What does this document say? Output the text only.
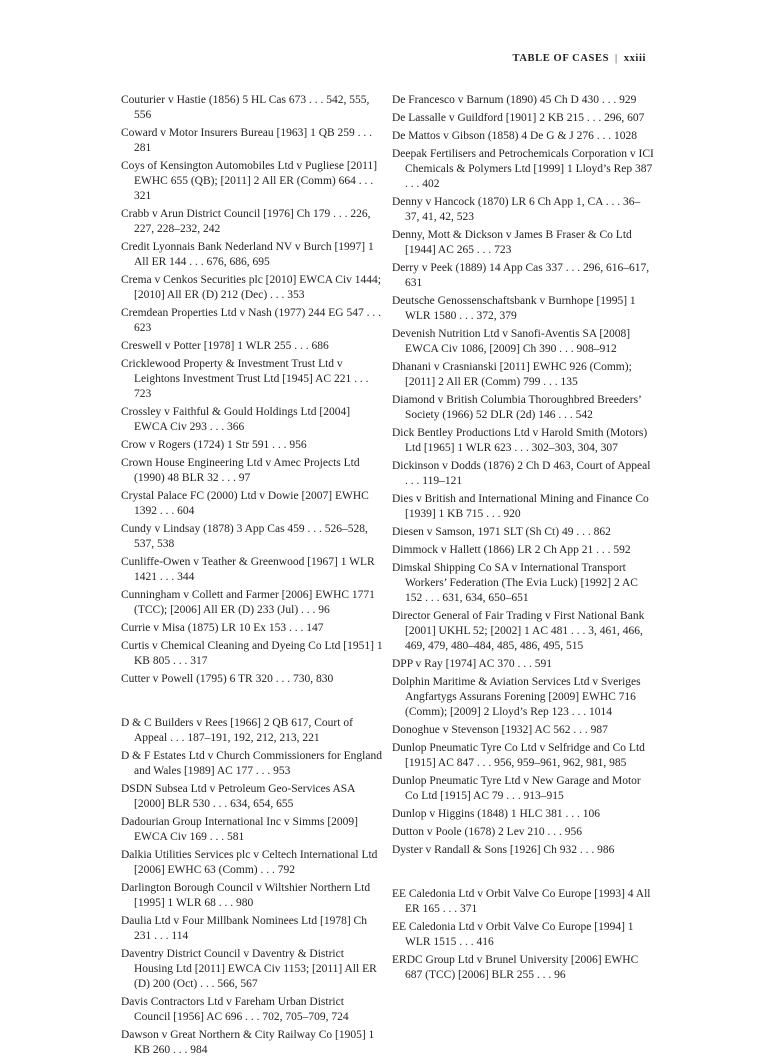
TABLE OF CASES | xxiii
Couturier v Hastie (1856) 5 HL Cas 673 . . . 542, 555, 556
Coward v Motor Insurers Bureau [1963] 1 QB 259 . . . 281
Coys of Kensington Automobiles Ltd v Pugliese [2011] EWHC 655 (QB); [2011] 2 All ER (Comm) 664 . . . 321
Crabb v Arun District Council [1976] Ch 179 . . . 226, 227, 228–232, 242
Credit Lyonnais Bank Nederland NV v Burch [1997] 1 All ER 144 . . . 676, 686, 695
Crema v Cenkos Securities plc [2010] EWCA Civ 1444; [2010] All ER (D) 212 (Dec) . . . 353
Cremdean Properties Ltd v Nash (1977) 244 EG 547 . . . 623
Creswell v Potter [1978] 1 WLR 255 . . . 686
Cricklewood Property & Investment Trust Ltd v Leightons Investment Trust Ltd [1945] AC 221 . . . 723
Crossley v Faithful & Gould Holdings Ltd [2004] EWCA Civ 293 . . . 366
Crow v Rogers (1724) 1 Str 591 . . . 956
Crown House Engineering Ltd v Amec Projects Ltd (1990) 48 BLR 32 . . . 97
Crystal Palace FC (2000) Ltd v Dowie [2007] EWHC 1392 . . . 604
Cundy v Lindsay (1878) 3 App Cas 459 . . . 526–528, 537, 538
Cunliffe-Owen v Teather & Greenwood [1967] 1 WLR 1421 . . . 344
Cunningham v Collett and Farmer [2006] EWHC 1771 (TCC); [2006] All ER (D) 233 (Jul) . . . 96
Currie v Misa (1875) LR 10 Ex 153 . . . 147
Curtis v Chemical Cleaning and Dyeing Co Ltd [1951] 1 KB 805 . . . 317
Cutter v Powell (1795) 6 TR 320 . . . 730, 830
D & C Builders v Rees [1966] 2 QB 617, Court of Appeal . . . 187–191, 192, 212, 213, 221
D & F Estates Ltd v Church Commissioners for England and Wales [1989] AC 177 . . . 953
DSDN Subsea Ltd v Petroleum Geo-Services ASA [2000] BLR 530 . . . 634, 654, 655
Dadourian Group International Inc v Simms [2009] EWCA Civ 169 . . . 581
Dalkia Utilities Services plc v Celtech International Ltd [2006] EWHC 63 (Comm) . . . 792
Darlington Borough Council v Wiltshier Northern Ltd [1995] 1 WLR 68 . . . 980
Daulia Ltd v Four Millbank Nominees Ltd [1978] Ch 231 . . . 114
Daventry District Council v Daventry & District Housing Ltd [2011] EWCA Civ 1153; [2011] All ER (D) 200 (Oct) . . . 566, 567
Davis Contractors Ltd v Fareham Urban District Council [1956] AC 696 . . . 702, 705–709, 724
Dawson v Great Northern & City Railway Co [1905] 1 KB 260 . . . 984
De Francesco v Barnum (1890) 45 Ch D 430 . . . 929
De Lassalle v Guildford [1901] 2 KB 215 . . . 296, 607
De Mattos v Gibson (1858) 4 De G & J 276 . . . 1028
Deepak Fertilisers and Petrochemicals Corporation v ICI Chemicals & Polymers Ltd [1999] 1 Lloyd’s Rep 387 . . . 402
Denny v Hancock (1870) LR 6 Ch App 1, CA . . . 36–37, 41, 42, 523
Denny, Mott & Dickson v James B Fraser & Co Ltd [1944] AC 265 . . . 723
Derry v Peek (1889) 14 App Cas 337 . . . 296, 616–617, 631
Deutsche Genossenschaftsbank v Burnhope [1995] 1 WLR 1580 . . . 372, 379
Devenish Nutrition Ltd v Sanofi-Aventis SA [2008] EWCA Civ 1086, [2009] Ch 390 . . . 908–912
Dhanani v Crasnianski [2011] EWHC 926 (Comm); [2011] 2 All ER (Comm) 799 . . . 135
Diamond v British Columbia Thoroughbred Breeders’ Society (1966) 52 DLR (2d) 146 . . . 542
Dick Bentley Productions Ltd v Harold Smith (Motors) Ltd [1965] 1 WLR 623 . . . 302–303, 304, 307
Dickinson v Dodds (1876) 2 Ch D 463, Court of Appeal . . . 119–121
Dies v British and International Mining and Finance Co [1939] 1 KB 715 . . . 920
Diesen v Samson, 1971 SLT (Sh Ct) 49 . . . 862
Dimmock v Hallett (1866) LR 2 Ch App 21 . . . 592
Dimskal Shipping Co SA v International Transport Workers’ Federation (The Evia Luck) [1992] 2 AC 152 . . . 631, 634, 650–651
Director General of Fair Trading v First National Bank [2001] UKHL 52; [2002] 1 AC 481 . . . 3, 461, 466, 469, 479, 480–484, 485, 486, 495, 515
DPP v Ray [1974] AC 370 . . . 591
Dolphin Maritime & Aviation Services Ltd v Sveriges Angfartygs Assurans Forening [2009] EWHC 716 (Comm); [2009] 2 Lloyd’s Rep 123 . . . 1014
Donoghue v Stevenson [1932] AC 562 . . . 987
Dunlop Pneumatic Tyre Co Ltd v Selfridge and Co Ltd [1915] AC 847 . . . 956, 959–961, 962, 981, 985
Dunlop Pneumatic Tyre Ltd v New Garage and Motor Co Ltd [1915] AC 79 . . . 913–915
Dunlop v Higgins (1848) 1 HLC 381 . . . 106
Dutton v Poole (1678) 2 Lev 210 . . . 956
Dyster v Randall & Sons [1926] Ch 932 . . . 986
EE Caledonia Ltd v Orbit Valve Co Europe [1993] 4 All ER 165 . . . 371
EE Caledonia Ltd v Orbit Valve Co Europe [1994] 1 WLR 1515 . . . 416
ERDC Group Ltd v Brunel University [2006] EWHC 687 (TCC) [2006] BLR 255 . . . 96
